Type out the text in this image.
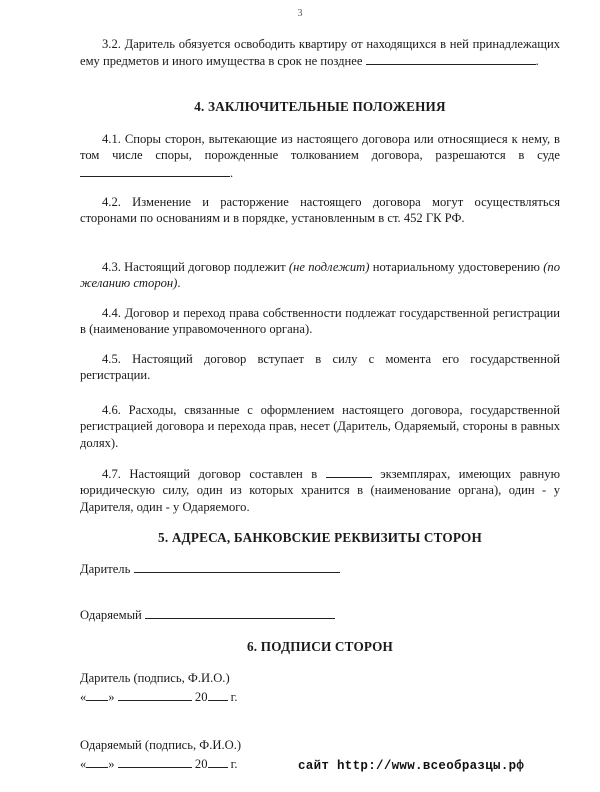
3
3.2. Даритель обязуется освободить квартиру от находящихся в ней принадлежащих ему предметов и иного имущества в срок не позднее	.
4. ЗАКЛЮЧИТЕЛЬНЫЕ ПОЛОЖЕНИЯ
4.1. Споры сторон, вытекающие из настоящего договора или относящиеся к нему, в том числе споры, порожденные толкованием договора, разрешаются в суде .
4.2. Изменение и расторжение настоящего договора могут осуществляться сторонами по основаниям и в порядке, установленным в ст. 452 ГК РФ.
4.3. Настоящий договор подлежит (не подлежит) нотариальному удостоверению (по желанию сторон).
4.4. Договор и переход права собственности подлежат государственной регистрации в (наименование управомоченного органа).
4.5. Настоящий договор вступает в силу с момента его государственной регистрации.
4.6. Расходы, связанные с оформлением настоящего договора, государственной регистрацией договора и перехода прав, несет (Даритель, Одаряемый, стороны в равных долях).
4.7. Настоящий договор составлен в	экземплярах, имеющих равную юридическую силу, один из которых хранится в (наименование органа), один - у Дарителя, один - у Одаряемого.
5. АДРЕСА, БАНКОВСКИЕ РЕКВИЗИТЫ СТОРОН
Даритель
Одаряемый
6. ПОДПИСИ СТОРОН
Даритель (подпись, Ф.И.О.)
« »	20 г.
Одаряемый (подпись, Ф.И.О.)
« »	20 г.	сайт http://www.всеобразцы.рф
